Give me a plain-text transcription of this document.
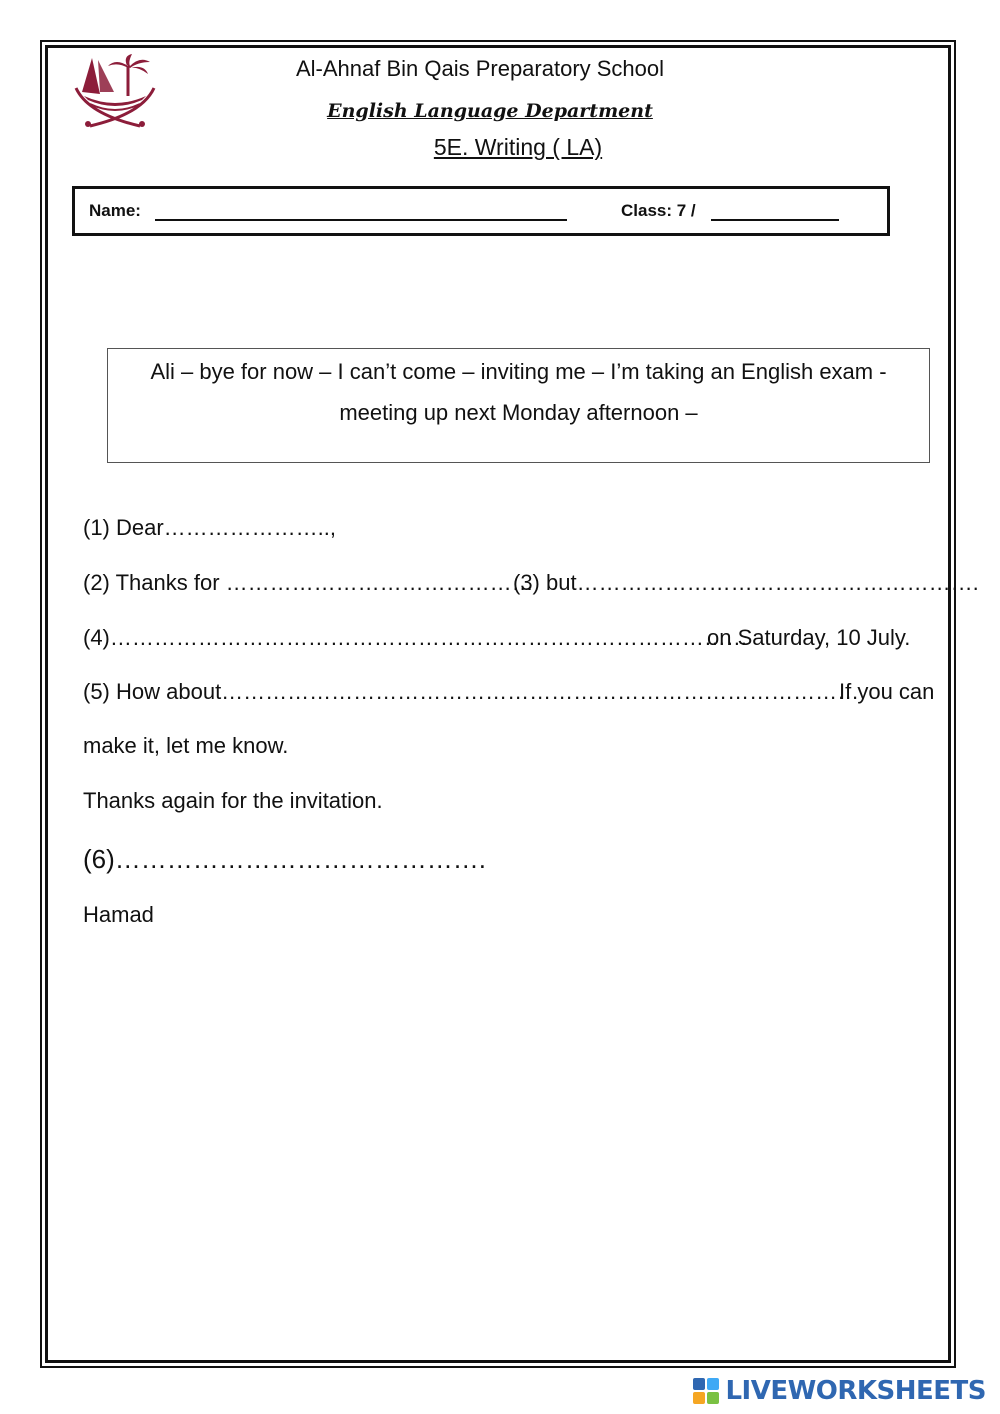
Al-Ahnaf Bin Qais Preparatory School
English Language Department
5E. Writing ( LA)
Name:	Class: 7 /
Ali – bye for now – I can’t come – inviting me – I’m taking an English exam -
meeting up next Monday afternoon –
(1) Dear…………………..,
(2) Thanks for ……………………………………
(3) but……………………………………………….
(4)……………………………………………………………………………
on Saturday, 10 July.
(5) How about……………………………………………………………………………
If you can
make it, let me know.
Thanks again for the invitation.
(6)…………………………………….
Hamad
LIVEWORKSHEETS
